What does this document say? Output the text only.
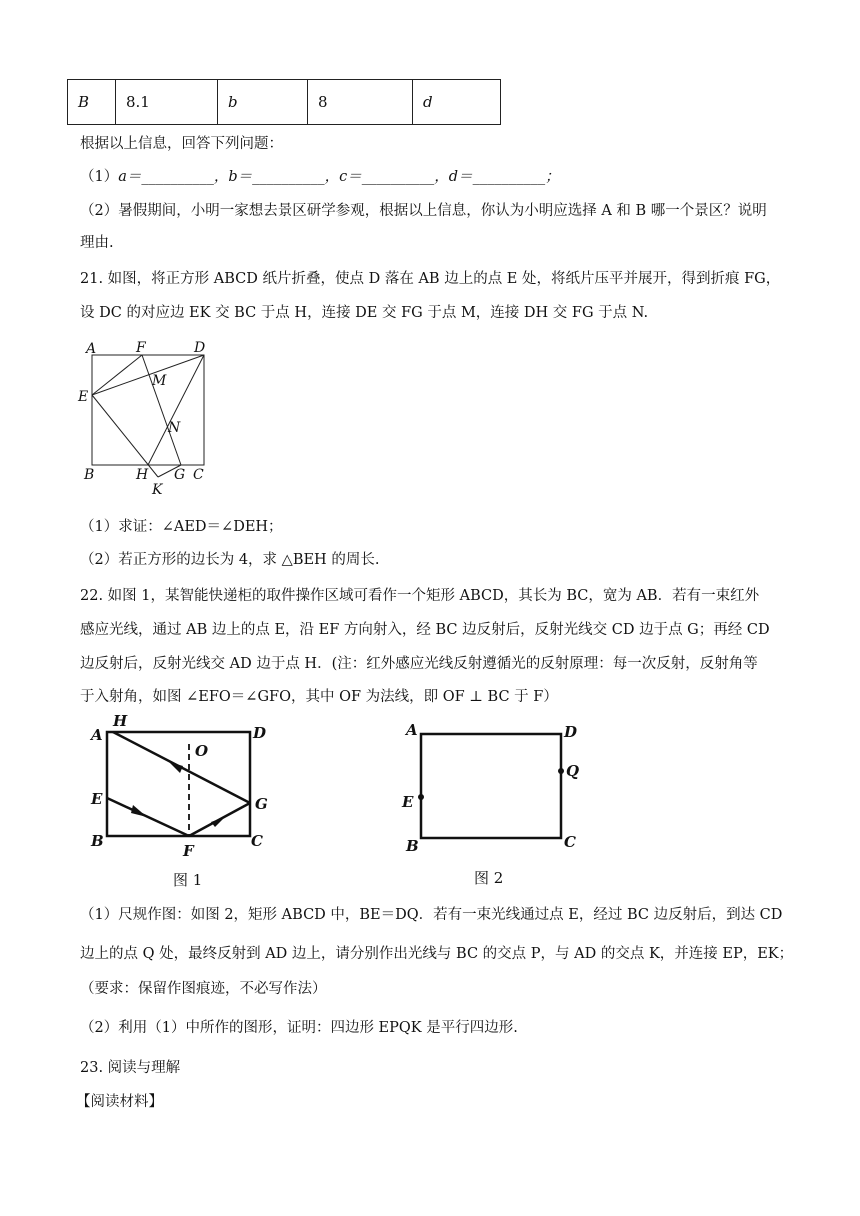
B	8.1	b	8	d
根据以上信息，回答下列问题：
（1）a＝__________，b＝__________，c＝__________，d＝__________；
（2）暑假期间，小明一家想去景区研学参观，根据以上信息，你认为小明应选择 A 和 B 哪一个景区？说明
理由.
21. 如图，将正方形 ABCD 纸片折叠，使点 D 落在 AB 边上的点 E 处，将纸片压平并展开，得到折痕 FG，
设 DC 的对应边 EK 交 BC 于点 H，连接 DE 交 FG 于点 M，连接 DH 交 FG 于点 N.
A	F	D
M
E
N
B	H G C
K
（1）求证：∠AED＝∠DEH；
（2）若正方形的边长为 4，求 △BEH 的周长.
22. 如图 1，某智能快递柜的取件操作区域可看作一个矩形 ABCD，其长为 BC，宽为 AB．若有一束红外
感应光线，通过 AB 边上的点 E，沿 EF 方向射入，经 BC 边反射后，反射光线交 CD 边于点 G；再经 CD
边反射后，反射光线交 AD 边于点 H．(注：红外感应光线反射遵循光的反射原理：每一次反射，反射角等
于入射角，如图 ∠EFO＝∠GFO，其中 OF 为法线，即 OF ⊥ BC 于 F）
H
A	D
O
E	G
B
F
C
图 1
A	D
Q
E
B	C
图 2
（1）尺规作图：如图 2，矩形 ABCD 中，BE＝DQ．若有一束光线通过点 E，经过 BC 边反射后，到达 CD
边上的点 Q 处，最终反射到 AD 边上，请分别作出光线与 BC 的交点 P，与 AD 的交点 K，并连接 EP，EK；
（要求：保留作图痕迹，不必写作法）
（2）利用（1）中所作的图形，证明：四边形 EPQK 是平行四边形.
23. 阅读与理解
【阅读材料】
